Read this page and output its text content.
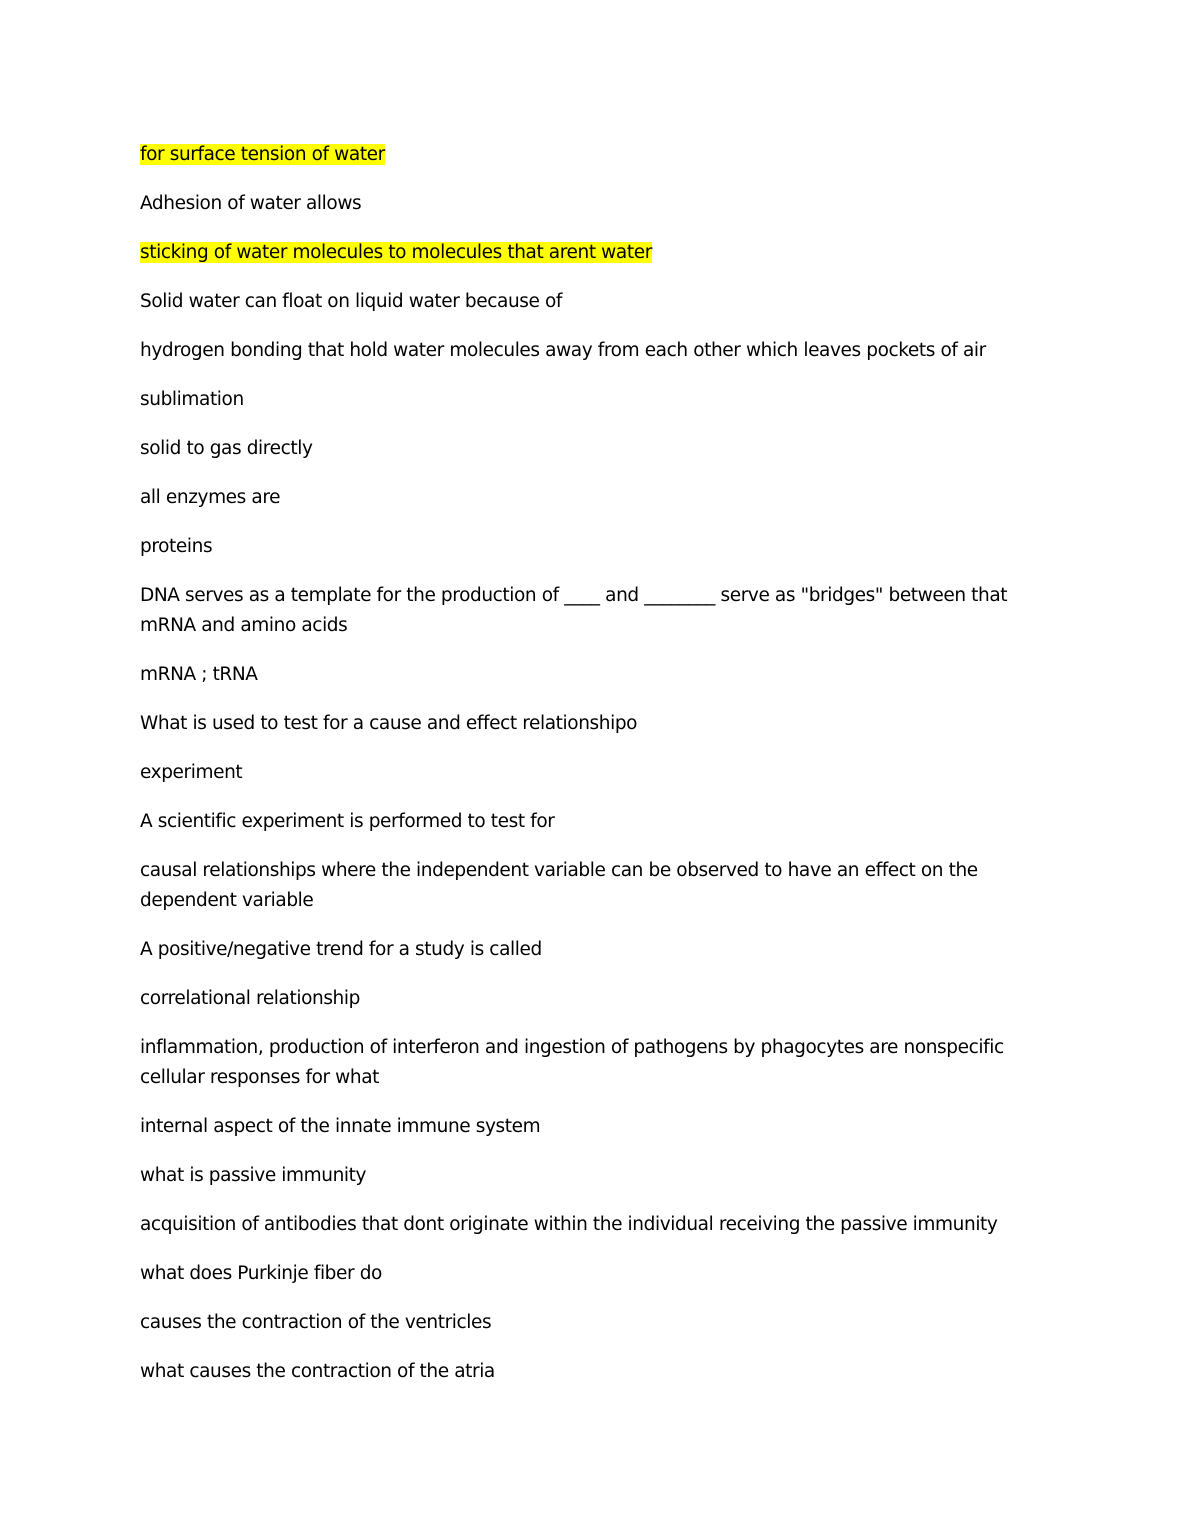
for surface tension of water

Adhesion of water allows

sticking of water molecules to molecules that arent water

Solid water can float on liquid water because of

hydrogen bonding that hold water molecules away from each other which leaves pockets of air

sublimation

solid to gas directly

all enzymes are

proteins

DNA serves as a template for the production of ____ and ________ serve as "bridges" between that mRNA and amino acids

mRNA ; tRNA

What is used to test for a cause and effect relationshipo

experiment

A scientific experiment is performed to test for

causal relationships where the independent variable can be observed to have an effect on the dependent variable

A positive/negative trend for a study is called

correlational relationship

inflammation, production of interferon and ingestion of pathogens by phagocytes are nonspecific cellular responses for what

internal aspect of the innate immune system

what is passive immunity

acquisition of antibodies that dont originate within the individual receiving the passive immunity

what does Purkinje fiber do

causes the contraction of the ventricles

what causes the contraction of the atria
